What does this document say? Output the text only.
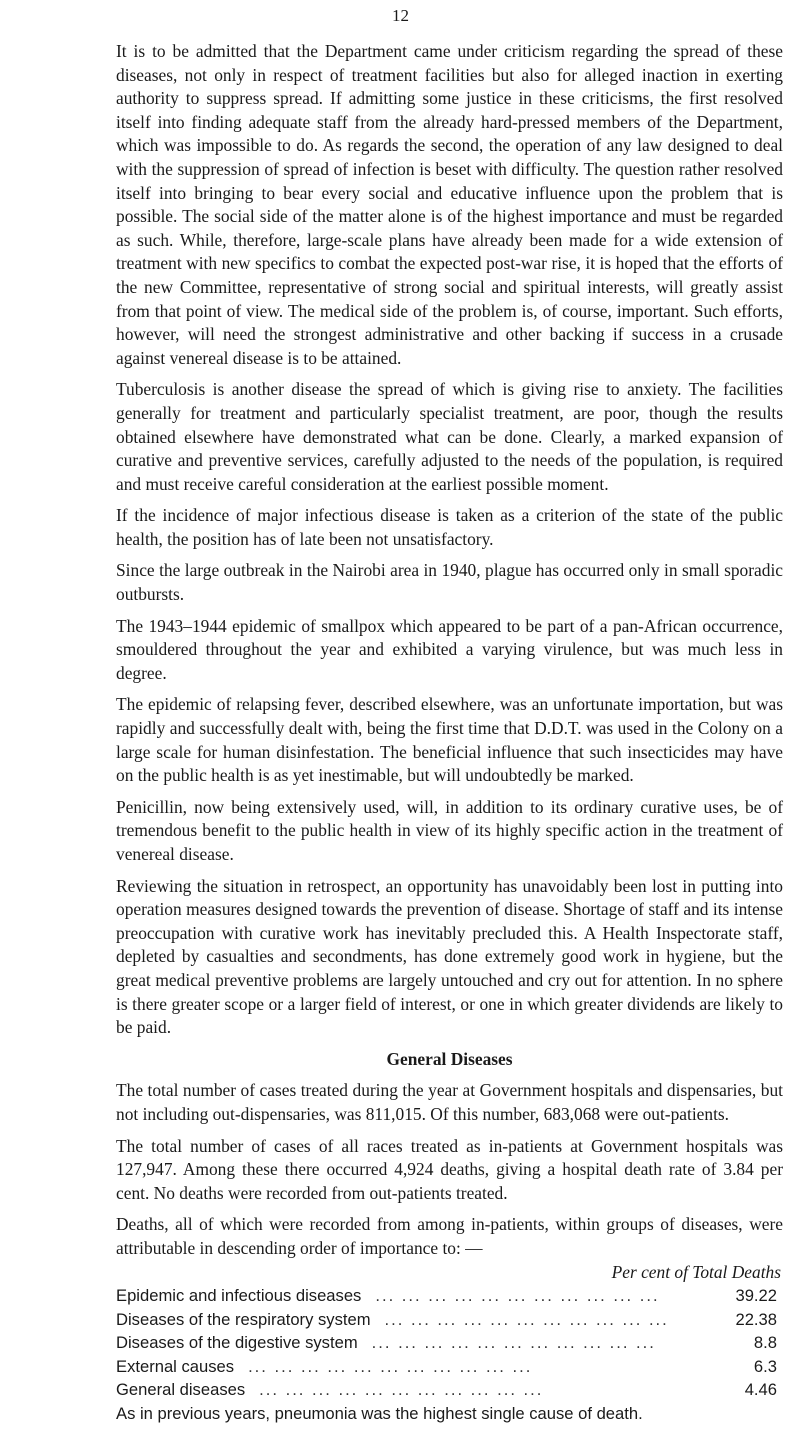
12

It is to be admitted that the Department came under criticism regarding the spread of these diseases, not only in respect of treatment facilities but also for alleged inaction in exerting authority to suppress spread. If admitting some justice in these criticisms, the first resolved itself into finding adequate staff from the already hard-pressed members of the Department, which was impossible to do. As regards the second, the operation of any law designed to deal with the suppression of spread of infection is beset with difficulty. The question rather resolved itself into bringing to bear every social and educative influence upon the problem that is possible. The social side of the matter alone is of the highest importance and must be regarded as such. While, therefore, large-scale plans have already been made for a wide extension of treatment with new specifics to combat the expected post-war rise, it is hoped that the efforts of the new Committee, representative of strong social and spiritual interests, will greatly assist from that point of view. The medical side of the problem is, of course, important. Such efforts, however, will need the strongest administrative and other backing if success in a crusade against venereal disease is to be attained.

Tuberculosis is another disease the spread of which is giving rise to anxiety. The facilities generally for treatment and particularly specialist treatment, are poor, though the results obtained elsewhere have demonstrated what can be done. Clearly, a marked expansion of curative and preventive services, carefully adjusted to the needs of the population, is required and must receive careful consideration at the earliest possible moment.

If the incidence of major infectious disease is taken as a criterion of the state of the public health, the position has of late been not unsatisfactory.

Since the large outbreak in the Nairobi area in 1940, plague has occurred only in small sporadic outbursts.

The 1943–1944 epidemic of smallpox which appeared to be part of a pan-African occurrence, smouldered throughout the year and exhibited a varying virulence, but was much less in degree.

The epidemic of relapsing fever, described elsewhere, was an unfortunate importation, but was rapidly and successfully dealt with, being the first time that D.D.T. was used in the Colony on a large scale for human disinfestation. The beneficial influence that such insecticides may have on the public health is as yet inestimable, but will undoubtedly be marked.

Penicillin, now being extensively used, will, in addition to its ordinary curative uses, be of tremendous benefit to the public health in view of its highly specific action in the treatment of venereal disease.

Reviewing the situation in retrospect, an opportunity has unavoidably been lost in putting into operation measures designed towards the prevention of disease. Shortage of staff and its intense preoccupation with curative work has inevitably precluded this. A Health Inspectorate staff, depleted by casualties and secondments, has done extremely good work in hygiene, but the great medical preventive problems are largely untouched and cry out for attention. In no sphere is there greater scope or a larger field of interest, or one in which greater dividends are likely to be paid.

General Diseases

The total number of cases treated during the year at Government hospitals and dispensaries, but not including out-dispensaries, was 811,015. Of this number, 683,068 were out-patients.

The total number of cases of all races treated as in-patients at Government hospitals was 127,947. Among these there occurred 4,924 deaths, giving a hospital death rate of 3.84 per cent. No deaths were recorded from out-patients treated.

Deaths, all of which were recorded from among in-patients, within groups of diseases, were attributable in descending order of importance to: —

Per cent of Total Deaths
Epidemic and infectious diseases ... ... ... ... ... ... ... ... ... ... ...	39.22
Diseases of the respiratory system ... ... ... ... ... ... ... ... ... ... ...	22.38
Diseases of the digestive system ... ... ... ... ... ... ... ... ... ... ...	8.8
External causes ... ... ... ... ... ... ... ... ... ... ...	6.3
General diseases ... ... ... ... ... ... ... ... ... ... ...	4.46

As in previous years, pneumonia was the highest single cause of death.
